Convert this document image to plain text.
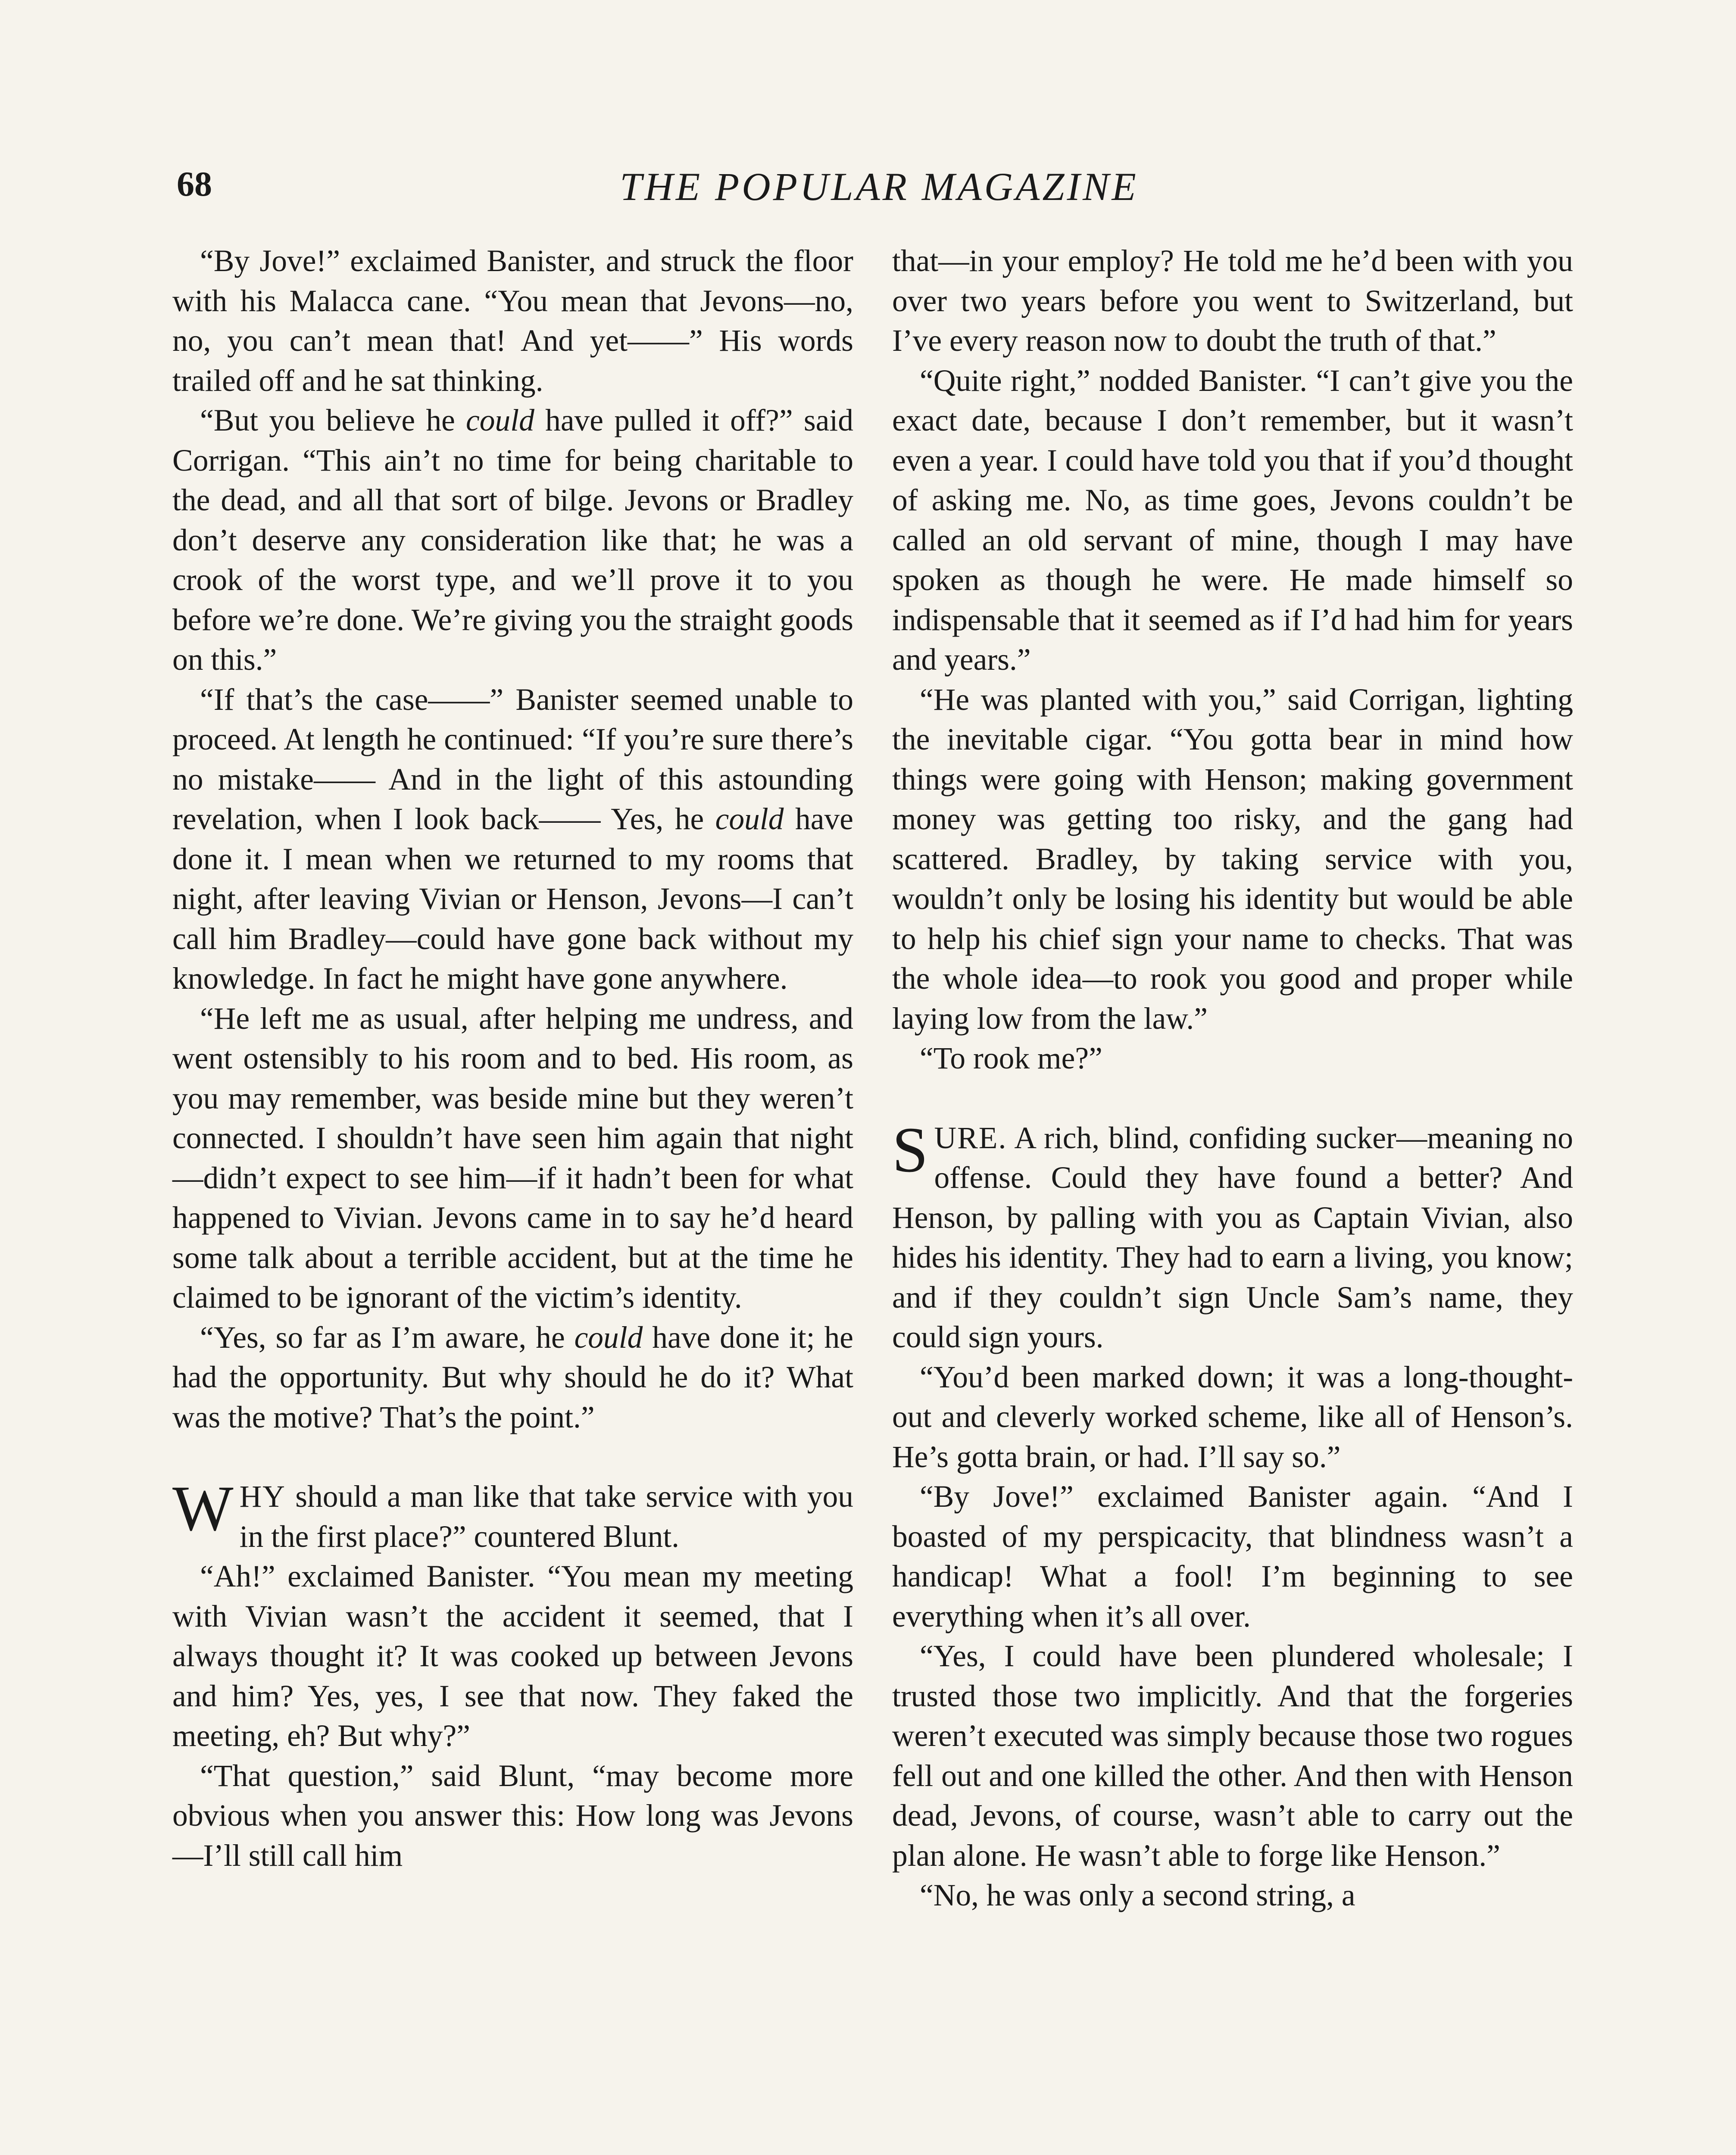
68	THE POPULAR MAGAZINE

“By Jove!” exclaimed Banister, and struck the floor with his Malacca cane. “You mean that Jevons—no, no, you can’t mean that! And yet——” His words trailed off and he sat thinking.

“But you believe he could have pulled it off?” said Corrigan. “This ain’t no time for being charitable to the dead, and all that sort of bilge. Jevons or Bradley don’t deserve any consideration like that; he was a crook of the worst type, and we’ll prove it to you before we’re done. We’re giving you the straight goods on this.”

“If that’s the case——” Banister seemed unable to proceed. At length he continued: “If you’re sure there’s no mistake—— And in the light of this astounding revelation, when I look back—— Yes, he could have done it. I mean when we returned to my rooms that night, after leaving Vivian or Henson, Jevons—I can’t call him Bradley—could have gone back without my knowledge. In fact he might have gone anywhere.

“He left me as usual, after helping me undress, and went ostensibly to his room and to bed. His room, as you may remember, was beside mine but they weren’t connected. I shouldn’t have seen him again that night—didn’t expect to see him—if it hadn’t been for what happened to Vivian. Jevons came in to say he’d heard some talk about a terrible accident, but at the time he claimed to be ignorant of the victim’s identity.

“Yes, so far as I’m aware, he could have done it; he had the opportunity. But why should he do it? What was the motive? That’s the point.”

WHY should a man like that take service with you in the first place?” countered Blunt.

“Ah!” exclaimed Banister. “You mean my meeting with Vivian wasn’t the accident it seemed, that I always thought it? It was cooked up between Jevons and him? Yes, yes, I see that now. They faked the meeting, eh? But why?”

“That question,” said Blunt, “may become more obvious when you answer this: How long was Jevons—I’ll still call him

that—in your employ? He told me he’d been with you over two years before you went to Switzerland, but I’ve every reason now to doubt the truth of that.”

“Quite right,” nodded Banister. “I can’t give you the exact date, because I don’t remember, but it wasn’t even a year. I could have told you that if you’d thought of asking me. No, as time goes, Jevons couldn’t be called an old servant of mine, though I may have spoken as though he were. He made himself so indispensable that it seemed as if I’d had him for years and years.”

“He was planted with you,” said Corrigan, lighting the inevitable cigar. “You gotta bear in mind how things were going with Henson; making government money was getting too risky, and the gang had scattered. Bradley, by taking service with you, wouldn’t only be losing his identity but would be able to help his chief sign your name to checks. That was the whole idea—to rook you good and proper while laying low from the law.”

“To rook me?”

SURE. A rich, blind, confiding sucker—meaning no offense. Could they have found a better? And Henson, by palling with you as Captain Vivian, also hides his identity. They had to earn a living, you know; and if they couldn’t sign Uncle Sam’s name, they could sign yours.

“You’d been marked down; it was a long-thought-out and cleverly worked scheme, like all of Henson’s. He’s gotta brain, or had. I’ll say so.”

“By Jove!” exclaimed Banister again. “And I boasted of my perspicacity, that blindness wasn’t a handicap! What a fool! I’m beginning to see everything when it’s all over.

“Yes, I could have been plundered wholesale; I trusted those two implicitly. And that the forgeries weren’t executed was simply because those two rogues fell out and one killed the other. And then with Henson dead, Jevons, of course, wasn’t able to carry out the plan alone. He wasn’t able to forge like Henson.”

“No, he was only a second string, a
